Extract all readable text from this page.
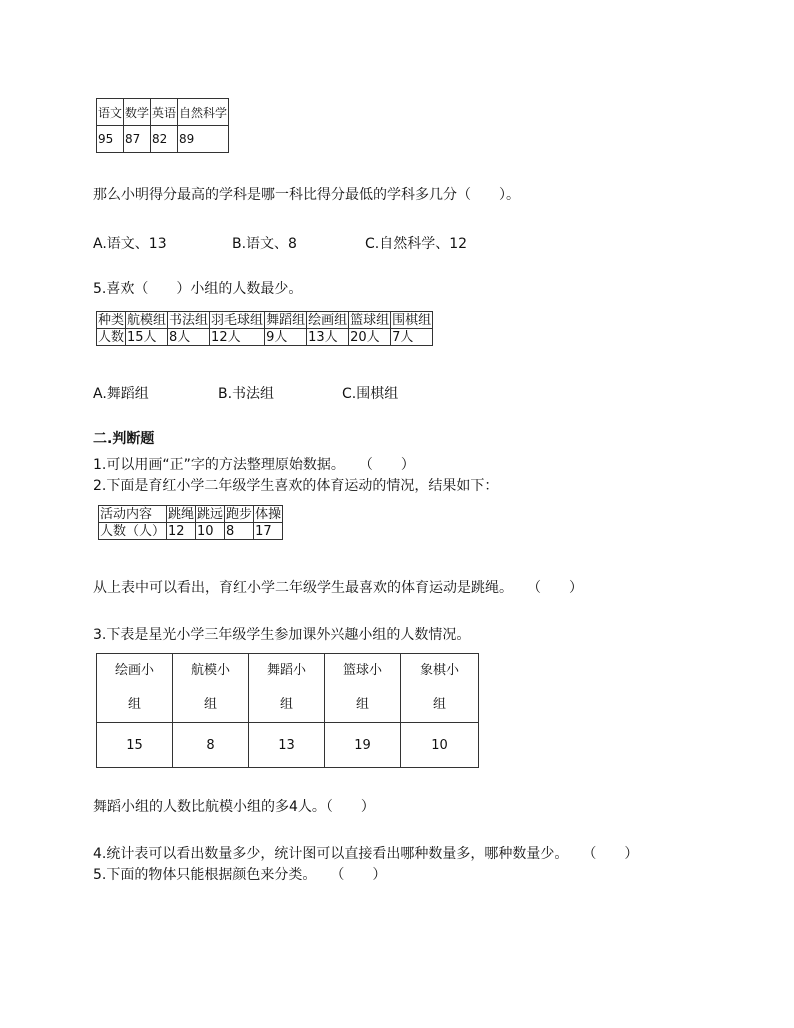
语文	数学	英语	自然科学
95	87	82	89
那么小明得分最高的学科是哪一科比得分最低的学科多几分（　　）。
A.语文、13	B.语文、8	C.自然科学、12
5.喜欢（　　）小组的人数最少。
种类	航模组	书法组	羽毛球组	舞蹈组	绘画组	篮球组	围棋组
人数	15人	8人	12人	9人	13人	20人	7人
A.舞蹈组	B.书法组	C.围棋组
二.判断题
1.可以用画“正”字的方法整理原始数据。　　（　　）
2.下面是育红小学二年级学生喜欢的体育运动的情况，结果如下：
活动内容	跳绳	跳远	跑步	体操
人数（人）	12	10	8	17
从上表中可以看出，育红小学二年级学生最喜欢的体育运动是跳绳。　　（　　）
3.下表是星光小学三年级学生参加课外兴趣小组的人数情况。
绘画小组	航模小组	舞蹈小组	篮球小组	象棋小组

15	8	13	19	10
舞蹈小组的人数比航模小组的多4人。（　　）
4.统计表可以看出数量多少，统计图可以直接看出哪种数量多，哪种数量少。　　（　　）
5.下面的物体只能根据颜色来分类。　　（　　）
